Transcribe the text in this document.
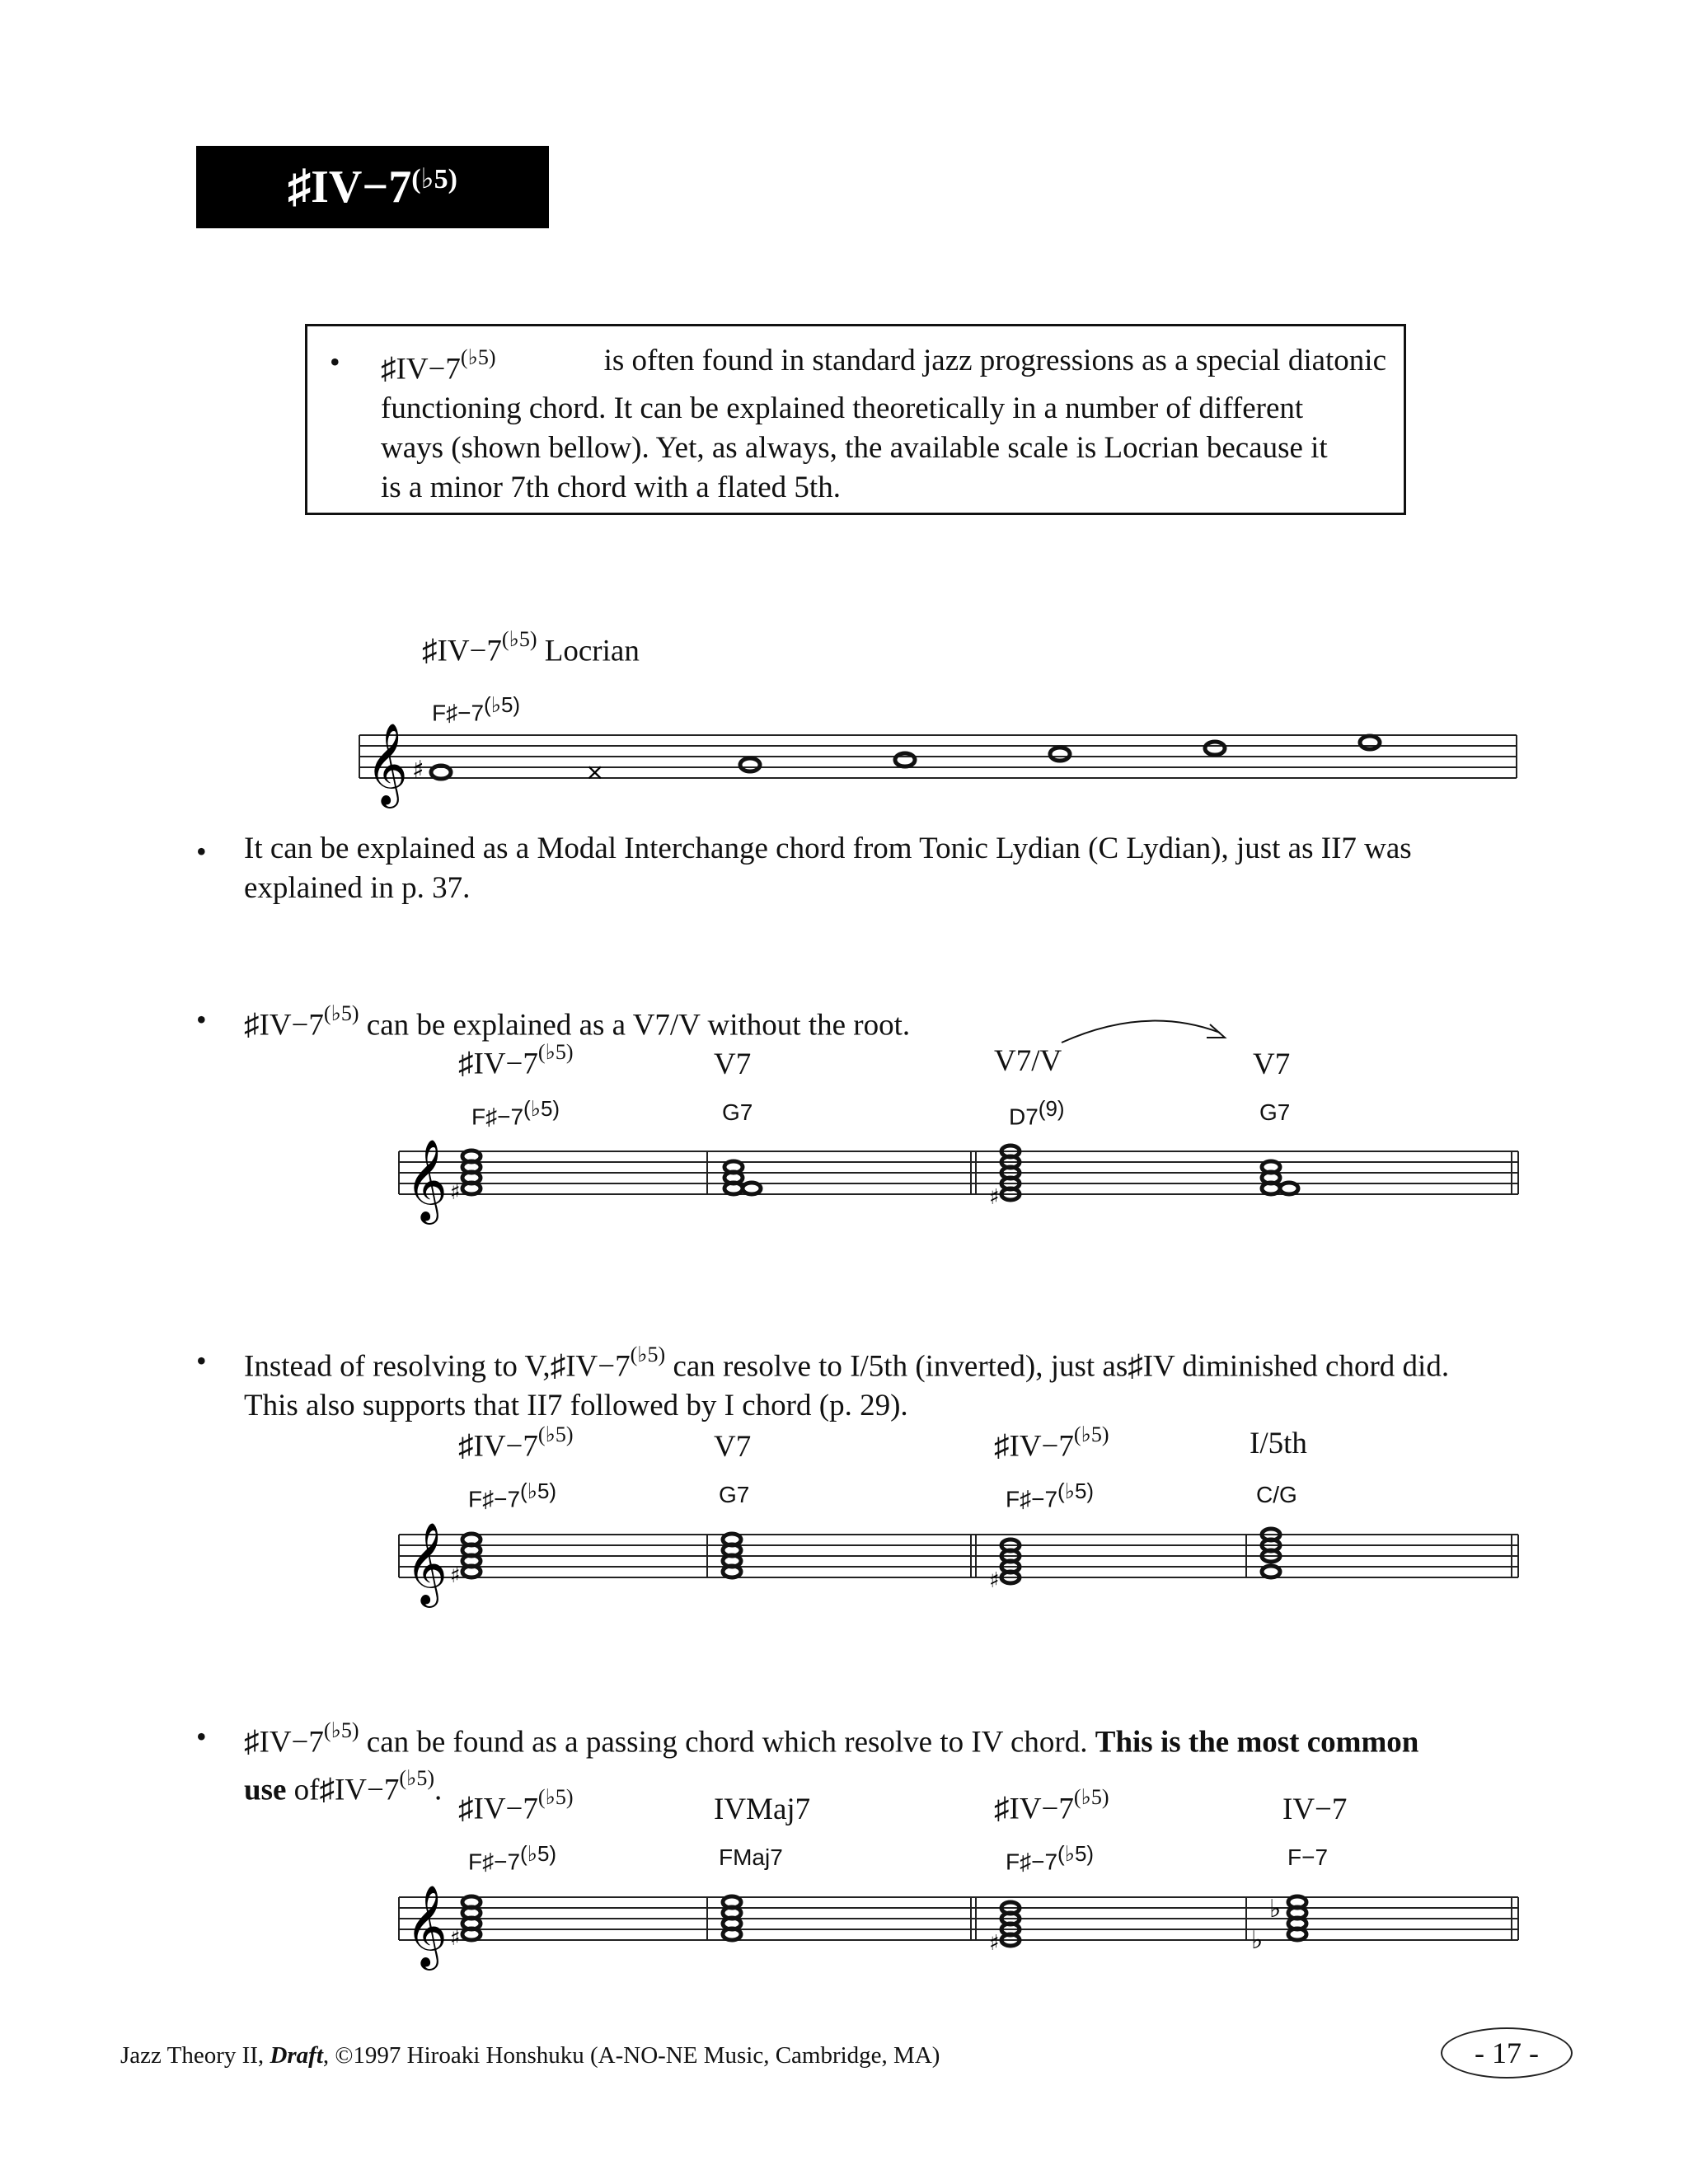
$♯IV-7^{(♭5)}$
• $♯IV-7^{(♭5)}$	is often found in standard jazz progressions as a special diatonic
functioning chord. It can be explained theoretically in a number of different
ways (shown bellow). Yet, as always, the available scale is Locrian because it
is a minor 7th chord with a flated 5th.
$♯IV-7^{(♭5)}$ Locrian
$F♯-7^{(♭5)}$
𝄞 ♯	×
• It can be explained as a Modal Interchange chord from Tonic Lydian (C Lydian), just as II7 was
explained in p. 37.
• $♯IV-7^{(♭5)}$ can be explained as a V7/V without the root.
$♯IV-7^{(♭5)}$	V7	V7/V	V7
$F♯-7^{(♭5)}$	G7	D7$^{(9)}$	G7
𝄞 ♯	♯
• Instead of resolving to $V,♯IV-7^{(♭5)}$ can resolve to I/5th (inverted), just as♯IV diminished chord did.
This also supports that II7 followed by I chord (p. 29).
$♯IV-7^{(♭5)}$	V7	$♯IV-7^{(♭5)}$	I/5th
$F♯-7^{(♭5)}$	G7	$F♯-7^{(♭5)}$	C/G
𝄞 ♯	♯
• $♯IV-7^{(♭5)}$ can be found as a passing chord which resolve to IV chord. This is the most common
use $of♯IV-7^{(♭5)}$.
$♯IV-7^{(♭5)}$	IVMaj7	$♯IV-7^{(♭5)}$	IV−7
$F♯-7^{(♭5)}$	FMaj7	$F♯-7^{(♭5)}$	F−7
𝄞 ♯	♯	♭
♭
Jazz Theory II, Draft, ©1997 Hiroaki Honshuku (A-NO-NE Music, Cambridge, MA)	- 17 -
